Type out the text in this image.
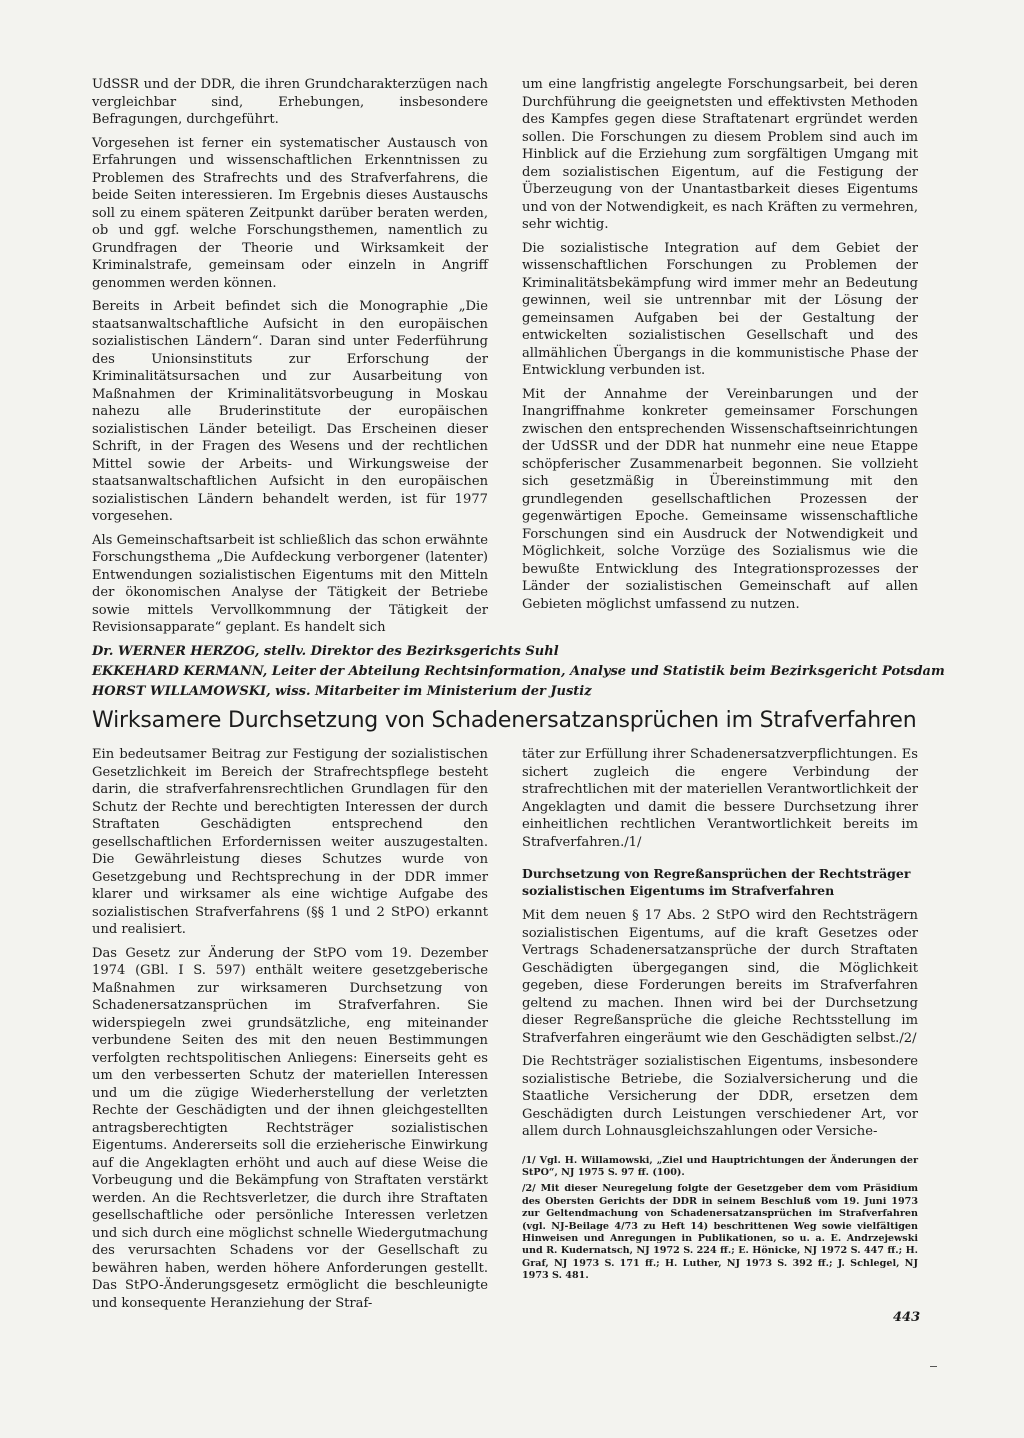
UdSSR und der DDR, die ihren Grundcharakterzügen nach vergleichbar sind, Erhebungen, insbesondere Befragungen, durchgeführt.

Vorgesehen ist ferner ein systematischer Austausch von Erfahrungen und wissenschaftlichen Erkenntnissen zu Problemen des Strafrechts und des Strafverfahrens, die beide Seiten interessieren. Im Ergebnis dieses Austauschs soll zu einem späteren Zeitpunkt darüber beraten werden, ob und ggf. welche Forschungsthemen, namentlich zu Grundfragen der Theorie und Wirksamkeit der Kriminalstrafe, gemeinsam oder einzeln in Angriff genommen werden können.

Bereits in Arbeit befindet sich die Monographie „Die staatsanwaltschaftliche Aufsicht in den europäischen sozialistischen Ländern“. Daran sind unter Federführung des Unionsinstituts zur Erforschung der Kriminalitätsursachen und zur Ausarbeitung von Maßnahmen der Kriminalitätsvorbeugung in Moskau nahezu alle Bruderinstitute der europäischen sozialistischen Länder beteiligt. Das Erscheinen dieser Schrift, in der Fragen des Wesens und der rechtlichen Mittel sowie der Arbeits- und Wirkungsweise der staatsanwaltschaftlichen Aufsicht in den europäischen sozialistischen Ländern behandelt werden, ist für 1977 vorgesehen.

Als Gemeinschaftsarbeit ist schließlich das schon erwähnte Forschungsthema „Die Aufdeckung verborgener (latenter) Entwendungen sozialistischen Eigentums mit den Mitteln der ökonomischen Analyse der Tätigkeit der Betriebe sowie mittels Vervollkommnung der Tätigkeit der Revisionsapparate“ geplant. Es handelt sich

um eine langfristig angelegte Forschungsarbeit, bei deren Durchführung die geeignetsten und effektivsten Methoden des Kampfes gegen diese Straftatenart ergründet werden sollen. Die Forschungen zu diesem Problem sind auch im Hinblick auf die Erziehung zum sorgfältigen Umgang mit dem sozialistischen Eigentum, auf die Festigung der Überzeugung von der Unantastbarkeit dieses Eigentums und von der Notwendigkeit, es nach Kräften zu vermehren, sehr wichtig.

Die sozialistische Integration auf dem Gebiet der wissenschaftlichen Forschungen zu Problemen der Kriminalitätsbekämpfung wird immer mehr an Bedeutung gewinnen, weil sie untrennbar mit der Lösung der gemeinsamen Aufgaben bei der Gestaltung der entwickelten sozialistischen Gesellschaft und des allmählichen Übergangs in die kommunistische Phase der Entwicklung verbunden ist.

Mit der Annahme der Vereinbarungen und der Inangriffnahme konkreter gemeinsamer Forschungen zwischen den entsprechenden Wissenschaftseinrichtungen der UdSSR und der DDR hat nunmehr eine neue Etappe schöpferischer Zusammenarbeit begonnen. Sie vollzieht sich gesetzmäßig in Übereinstimmung mit den grundlegenden gesellschaftlichen Prozessen der gegenwärtigen Epoche. Gemeinsame wissenschaftliche Forschungen sind ein Ausdruck der Notwendigkeit und Möglichkeit, solche Vorzüge des Sozialismus wie die bewußte Entwicklung des Integrationsprozesses der Länder der sozialistischen Gemeinschaft auf allen Gebieten möglichst umfassend zu nutzen.

Dr. WERNER HERZOG, stellv. Direktor des Bezirksgerichts Suhl
EKKEHARD KERMANN, Leiter der Abteilung Rechtsinformation, Analyse und Statistik beim Bezirksgericht Potsdam
HORST WILLAMOWSKI, wiss. Mitarbeiter im Ministerium der Justiz
Wirksamere Durchsetzung von Schadenersatzansprüchen im Strafverfahren

Ein bedeutsamer Beitrag zur Festigung der sozialistischen Gesetzlichkeit im Bereich der Strafrechtspflege besteht darin, die strafverfahrensrechtlichen Grundlagen für den Schutz der Rechte und berechtigten Interessen der durch Straftaten Geschädigten entsprechend den gesellschaftlichen Erfordernissen weiter auszugestalten. Die Gewährleistung dieses Schutzes wurde von Gesetzgebung und Rechtsprechung in der DDR immer klarer und wirksamer als eine wichtige Aufgabe des sozialistischen Strafverfahrens (§§ 1 und 2 StPO) erkannt und realisiert.

Das Gesetz zur Änderung der StPO vom 19. Dezember 1974 (GBl. I S. 597) enthält weitere gesetzgeberische Maßnahmen zur wirksameren Durchsetzung von Schadenersatzansprüchen im Strafverfahren. Sie widerspiegeln zwei grundsätzliche, eng miteinander verbundene Seiten des mit den neuen Bestimmungen verfolgten rechtspolitischen Anliegens: Einerseits geht es um den verbesserten Schutz der materiellen Interessen und um die zügige Wiederherstellung der verletzten Rechte der Geschädigten und der ihnen gleichgestellten antragsberechtigten Rechtsträger sozialistischen Eigentums. Andererseits soll die erzieherische Einwirkung auf die Angeklagten erhöht und auch auf diese Weise die Vorbeugung und die Bekämpfung von Straftaten verstärkt werden. An die Rechtsverletzer, die durch ihre Straftaten gesellschaftliche oder persönliche Interessen verletzen und sich durch eine möglichst schnelle Wiedergutmachung des verursachten Schadens vor der Gesellschaft zu bewähren haben, werden höhere Anforderungen gestellt. Das StPO-Änderungsgesetz ermöglicht die beschleunigte und konsequente Heranziehung der Straf-

täter zur Erfüllung ihrer Schadenersatzverpflichtungen. Es sichert zugleich die engere Verbindung der strafrechtlichen mit der materiellen Verantwortlichkeit der Angeklagten und damit die bessere Durchsetzung ihrer einheitlichen rechtlichen Verantwortlichkeit bereits im Strafverfahren./1/

Durchsetzung von Regreßansprüchen der Rechtsträger sozialistischen Eigentums im Strafverfahren

Mit dem neuen § 17 Abs. 2 StPO wird den Rechtsträgern sozialistischen Eigentums, auf die kraft Gesetzes oder Vertrags Schadenersatzansprüche der durch Straftaten Geschädigten übergegangen sind, die Möglichkeit gegeben, diese Forderungen bereits im Strafverfahren geltend zu machen. Ihnen wird bei der Durchsetzung dieser Regreßansprüche die gleiche Rechtsstellung im Strafverfahren eingeräumt wie den Geschädigten selbst./2/

Die Rechtsträger sozialistischen Eigentums, insbesondere sozialistische Betriebe, die Sozialversicherung und die Staatliche Versicherung der DDR, ersetzen dem Geschädigten durch Leistungen verschiedener Art, vor allem durch Lohnausgleichszahlungen oder Versiche-

/1/ Vgl. H. Willamowski, „Ziel und Hauptrichtungen der Änderungen der StPO“, NJ 1975 S. 97 ff. (100).

/2/ Mit dieser Neuregelung folgte der Gesetzgeber dem vom Präsidium des Obersten Gerichts der DDR in seinem Beschluß vom 19. Juni 1973 zur Geltendmachung von Schadenersatzansprüchen im Strafverfahren (vgl. NJ-Beilage 4/73 zu Heft 14) beschrittenen Weg sowie vielfältigen Hinweisen und Anregungen in Publikationen, so u. a. E. Andrzejewski und R. Kudernatsch, NJ 1972 S. 224 ff.; E. Hönicke, NJ 1972 S. 447 ff.; H. Graf, NJ 1973 S. 171 ff.; H. Luther, NJ 1973 S. 392 ff.; J. Schlegel, NJ 1973 S. 481.

443
